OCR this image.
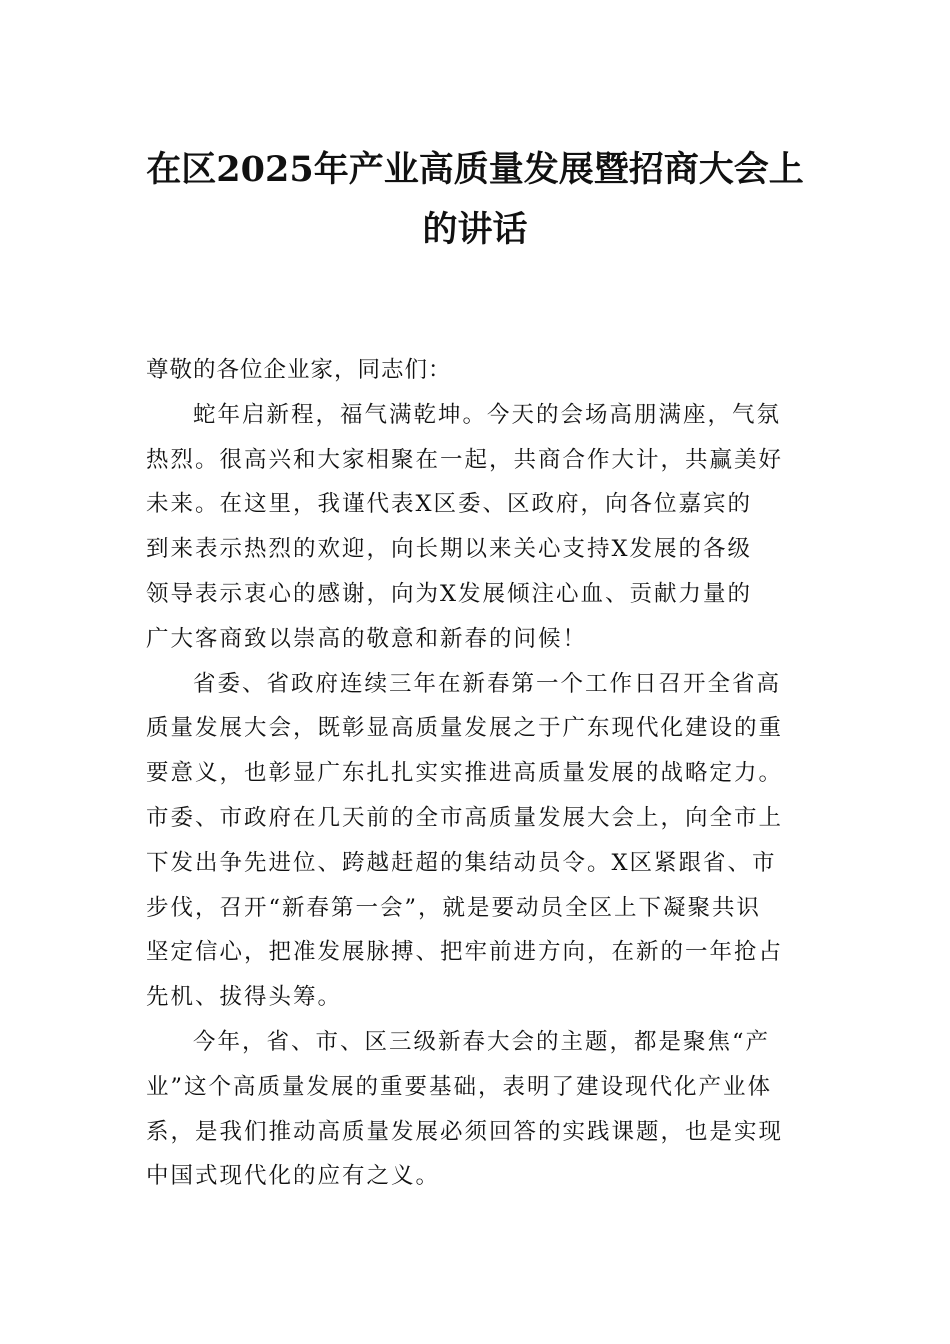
在区2025年产业高质量发展暨招商大会上
的讲话

尊敬的各位企业家，同志们：

蛇年启新程，福气满乾坤。今天的会场高朋满座，气氛
热烈。很高兴和大家相聚在一起，共商合作大计，共赢美好
未来。在这里，我谨代表X区委、区政府，向各位嘉宾的
到来表示热烈的欢迎，向长期以来关心支持X发展的各级
领导表示衷心的感谢，向为X发展倾注心血、贡献力量的
广大客商致以崇高的敬意和新春的问候！

省委、省政府连续三年在新春第一个工作日召开全省高
质量发展大会，既彰显高质量发展之于广东现代化建设的重
要意义，也彰显广东扎扎实实推进高质量发展的战略定力。
市委、市政府在几天前的全市高质量发展大会上，向全市上
下发出争先进位、跨越赶超的集结动员令。X区紧跟省、市
步伐，召开“新春第一会”，就是要动员全区上下凝聚共识
坚定信心，把准发展脉搏、把牢前进方向，在新的一年抢占
先机、拔得头筹。

今年，省、市、区三级新春大会的主题，都是聚焦“产
业”这个高质量发展的重要基础，表明了建设现代化产业体
系，是我们推动高质量发展必须回答的实践课题，也是实现
中国式现代化的应有之义。
